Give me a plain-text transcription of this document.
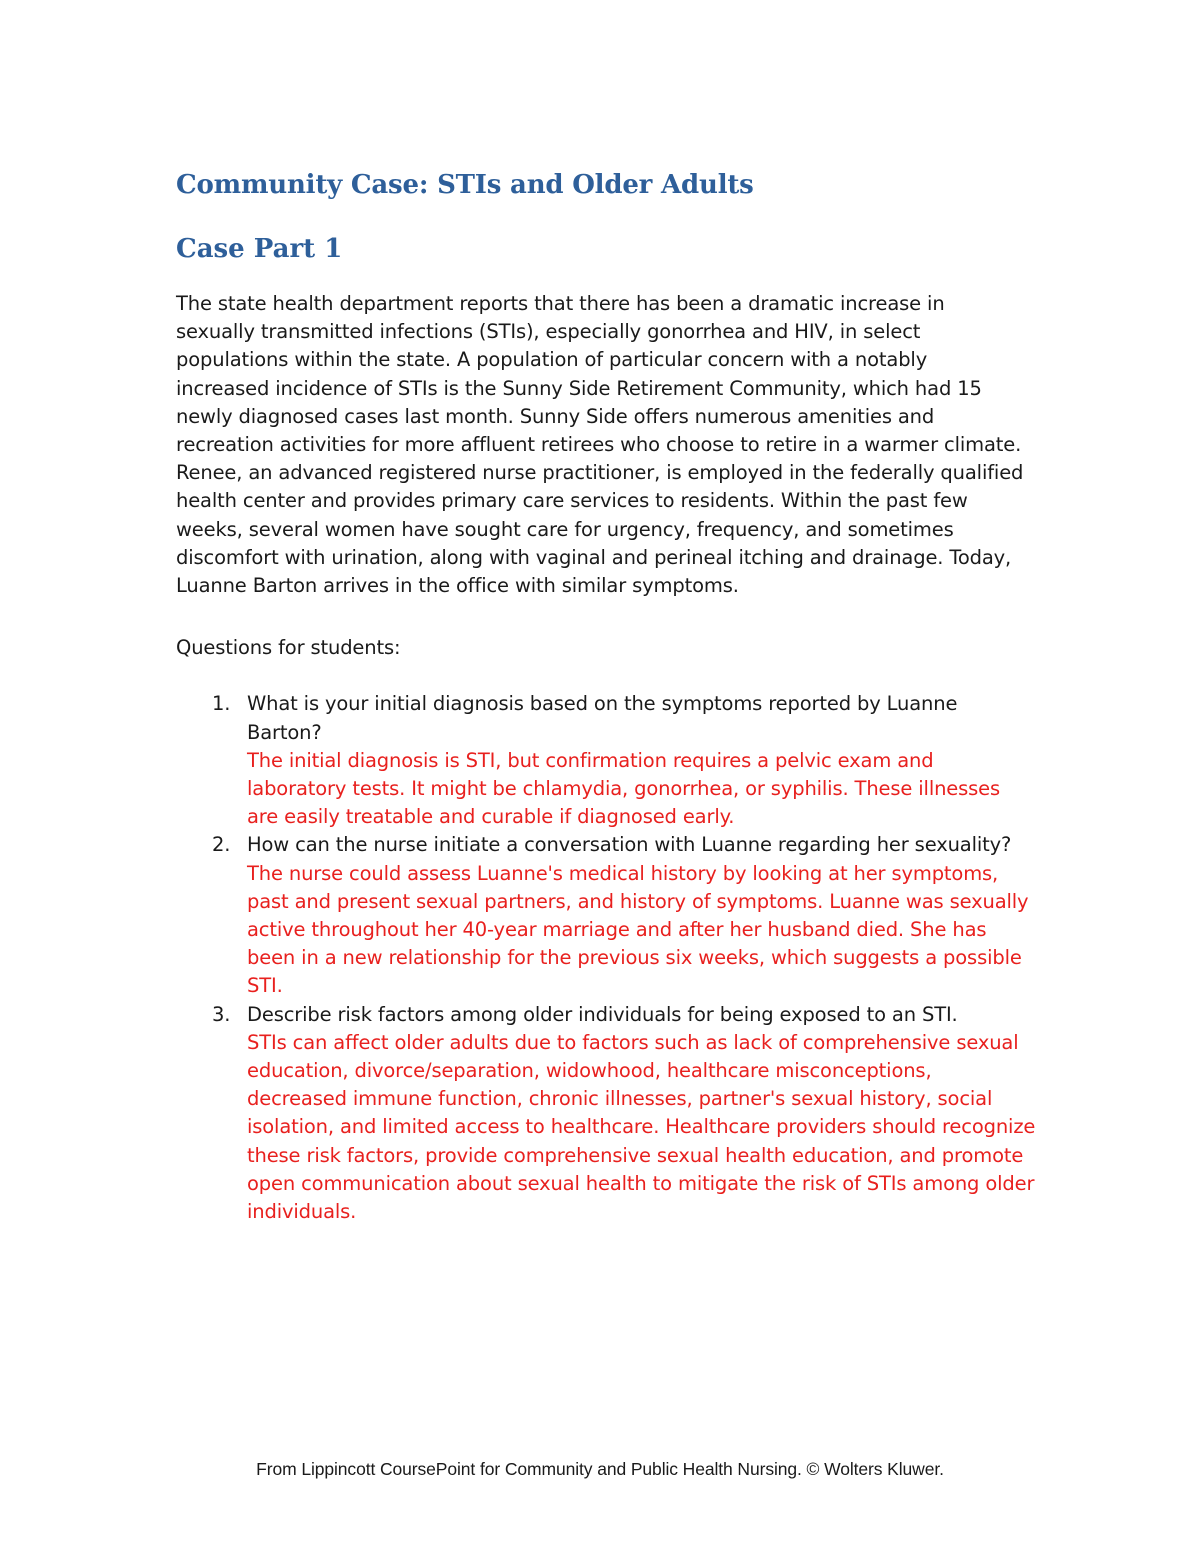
Community Case: STIs and Older Adults
Case Part 1

The state health department reports that there has been a dramatic increase in sexually transmitted infections (STIs), especially gonorrhea and HIV, in select populations within the state. A population of particular concern with a notably increased incidence of STIs is the Sunny Side Retirement Community, which had 15 newly diagnosed cases last month. Sunny Side offers numerous amenities and recreation activities for more affluent retirees who choose to retire in a warmer climate. Renee, an advanced registered nurse practitioner, is employed in the federally qualified health center and provides primary care services to residents. Within the past few weeks, several women have sought care for urgency, frequency, and sometimes discomfort with urination, along with vaginal and perineal itching and drainage. Today, Luanne Barton arrives in the office with similar symptoms.

Questions for students:

1. What is your initial diagnosis based on the symptoms reported by Luanne Barton?
The initial diagnosis is STI, but confirmation requires a pelvic exam and laboratory tests. It might be chlamydia, gonorrhea, or syphilis. These illnesses are easily treatable and curable if diagnosed early.
2. How can the nurse initiate a conversation with Luanne regarding her sexuality?
The nurse could assess Luanne's medical history by looking at her symptoms, past and present sexual partners, and history of symptoms. Luanne was sexually active throughout her 40-year marriage and after her husband died. She has been in a new relationship for the previous six weeks, which suggests a possible STI.
3. Describe risk factors among older individuals for being exposed to an STI.
STIs can affect older adults due to factors such as lack of comprehensive sexual education, divorce/separation, widowhood, healthcare misconceptions, decreased immune function, chronic illnesses, partner's sexual history, social isolation, and limited access to healthcare. Healthcare providers should recognize these risk factors, provide comprehensive sexual health education, and promote open communication about sexual health to mitigate the risk of STIs among older individuals.
From Lippincott CoursePoint for Community and Public Health Nursing. © Wolters Kluwer.
